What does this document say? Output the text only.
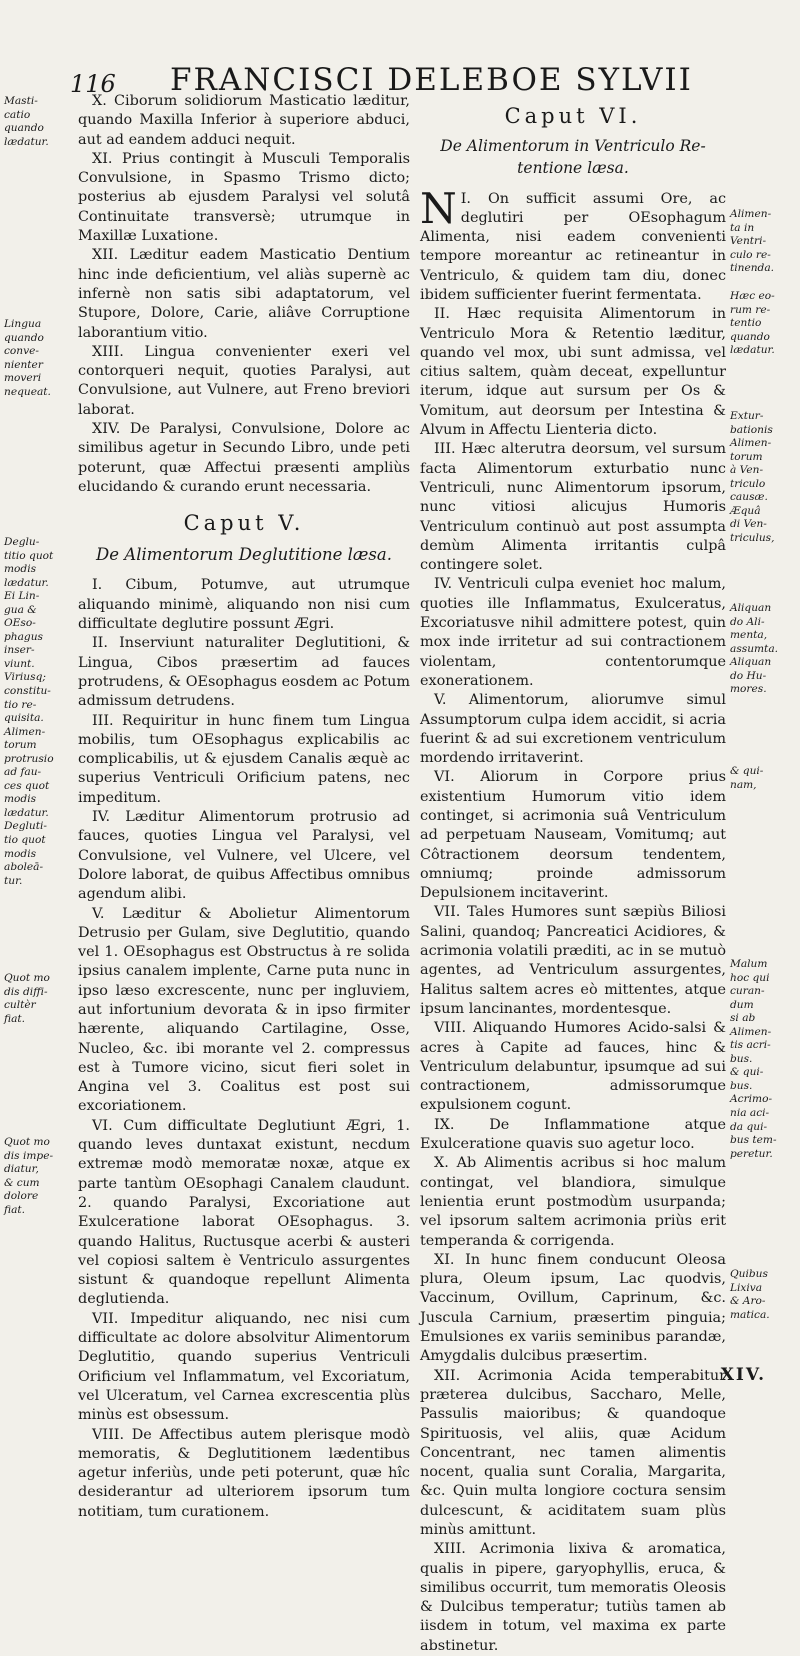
116 FRANCISCI DELEBOE SYLVII

X. Ciborum solidiorum Masticatio læditur, quando Maxilla Inferior à superiore abduci, aut ad eandem adduci nequit.

XI. Prius contingit à Musculi Temporalis Convulsione, in Spasmo Trismo dicto; posterius ab ejusdem Paralysi vel solutâ Continuitate transversè; utrumque in Maxillæ Luxatione.

XII. Læditur eadem Masticatio Dentium hinc inde deficientium, vel aliàs supernè ac infernè non satis sibi adaptatorum, vel Stupore, Dolore, Carie, aliâve Corruptione laborantium vitio.

XIII. Lingua convenienter exeri vel contorqueri nequit, quoties Paralysi, aut Convulsione, aut Vulnere, aut Freno breviori laborat.

XIV. De Paralysi, Convulsione, Dolore ac similibus agetur in Secundo Libro, unde peti poterunt, quæ Affectui præsenti ampliùs elucidando & curando erunt necessaria.

Caput V.
De Alimentorum Deglutitione læsa.

I. Cibum, Potumve, aut utrumque aliquando minimè, aliquando non nisi cum difficultate deglutire possunt Ægri.

II. Inserviunt naturaliter Deglutitioni, & Lingua, Cibos præsertim ad fauces protrudens, & OEsophagus eosdem ac Potum admissum detrudens.

III. Requiritur in hunc finem tum Lingua mobilis, tum OEsophagus explicabilis ac complicabilis, ut & ejusdem Canalis æquè ac superius Ventriculi Orificium patens, nec impeditum.

IV. Læditur Alimentorum protrusio ad fauces, quoties Lingua vel Paralysi, vel Convulsione, vel Vulnere, vel Ulcere, vel Dolore laborat, de quibus Affectibus omnibus agendum alibi.

V. Læditur & Abolietur Alimentorum Detrusio per Gulam, sive Deglutitio, quando vel 1. OEsophagus est Obstructus à re solida ipsius canalem implente, Carne puta nunc in ipso læso excrescente, nunc per ingluviem, aut infortunium devorata & in ipso firmiter hærente, aliquando Cartilagine, Osse, Nucleo, &c. ibi morante vel 2. compressus est à Tumore vicino, sicut fieri solet in Angina vel 3. Coalitus est post sui excoriationem.

VI. Cum difficultate Deglutiunt Ægri, 1. quando leves duntaxat existunt, necdum extremæ modò memoratæ noxæ, atque ex parte tantùm OEsophagi Canalem claudunt. 2. quando Paralysi, Excoriatione aut Exulceratione laborat OEsophagus. 3. quando Halitus, Ructusque acerbi & austeri vel copiosi saltem è Ventriculo assurgentes sistunt & quandoque repellunt Alimenta deglutienda.

VII. Impeditur aliquando, nec nisi cum difficultate ac dolore absolvitur Alimentorum Deglutitio, quando superius Ventriculi Orificium vel Inflammatum, vel Excoriatum, vel Ulceratum, vel Carnea excrescentia plùs minùs est obsessum.

VIII. De Affectibus autem plerisque modò memoratis, & Deglutitionem lædentibus agetur inferiùs, unde peti poterunt, quæ hîc desiderantur ad ulteriorem ipsorum tum notitiam, tum curationem.

Caput VI.
De Alimentorum in Ventriculo Re-
tentione læsa.

I.
N On sufficit assumi Ore, ac deglutiri per OEsophagum Alimenta, nisi eadem convenienti tempore moreantur ac retineantur in Ventriculo, & quidem tam diu, donec ibidem sufficienter fuerint fermentata.

II. Hæc requisita Alimentorum in Ventriculo Mora & Retentio læditur, quando vel mox, ubi sunt admissa, vel citius saltem, quàm deceat, expelluntur iterum, idque aut sursum per Os & Vomitum, aut deorsum per Intestina & Alvum in Affectu Lienteria dicto.

III. Hæc alterutra deorsum, vel sursum facta Alimentorum exturbatio nunc Ventriculi, nunc Alimentorum ipsorum, nunc vitiosi alicujus Humoris Ventriculum continuò aut post assumpta demùm Alimenta irritantis culpâ contingere solet.

IV. Ventriculi culpa eveniet hoc malum, quoties ille Inflammatus, Exulceratus, Excoriatusve nihil admittere potest, quin mox inde irritetur ad sui contractionem violentam, contentorumque exonerationem.

V. Alimentorum, aliorumve simul Assumptorum culpa idem accidit, si acria fuerint & ad sui excretionem ventriculum mordendo irritaverint.

VI. Aliorum in Corpore prius existentium Humorum vitio idem continget, si acrimonia suâ Ventriculum ad perpetuam Nauseam, Vomitumq; aut Côtractionem deorsum tendentem, omniumq; proinde admissorum Depulsionem incitaverint.

VII. Tales Humores sunt sæpiùs Biliosi Salini, quandoq; Pancreatici Acidiores, & acrimonia volatili præditi, ac in se mutuò agentes, ad Ventriculum assurgentes, Halitus saltem acres eò mittentes, atque ipsum lancinantes, mordentesque.

VIII. Aliquando Humores Acido-salsi & acres à Capite ad fauces, hinc & Ventriculum delabuntur, ipsumque ad sui contractionem, admissorumque expulsionem cogunt.

IX. De Inflammatione atque Exulceratione quavis suo agetur loco.

X. Ab Alimentis acribus si hoc malum contingat, vel blandiora, simulque lenientia erunt postmodùm usurpanda; vel ipsorum saltem acrimonia priùs erit temperanda & corrigenda.

XI. In hunc finem conducunt Oleosa plura, Oleum ipsum, Lac quodvis, Vaccinum, Ovillum, Caprinum, &c. Juscula Carnium, præsertim pinguia; Emulsiones ex variis seminibus parandæ, Amygdalis dulcibus præsertim.

XII. Acrimonia Acida temperabitur præterea dulcibus, Saccharo, Melle, Passulis maioribus; & quandoque Spirituosis, vel aliis, quæ Acidum Concentrant, nec tamen alimentis nocent, qualia sunt Coralia, Margarita, &c. Quin multa longiore coctura sensim dulcescunt, & aciditatem suam plùs minùs amittunt.

XIII. Acrimonia lixiva & aromatica, qualis in pipere, garyophyllis, eruca, & similibus occurrit, tum memoratis Oleosis & Dulcibus temperatur; tutiùs tamen ab iisdem in totum, vel maxima ex parte abstinetur.

Masti-
catio
quando
lædatur.
Lingua
quando
conve-
nienter
moveri
nequeat.
Deglu-
titio quot
modis
lædatur.
Ei Lin-
gua &
OEso-
phagus
inser-
viunt.
Viriusq;
constitu-
tio re-
quisita.
Alimen-
torum
protrusio
ad fau-
ces quot
modis
lædatur.
Degluti-
tio quot
modis
aboleā-
tur.
Quot mo
dis diffi-
cultèr
fiat.
Quot mo
dis impe-
diatur,
& cum
dolore
fiat.
Alimen-
ta in
Ventri-
culo re-
tinenda.
Hæc eo-
rum re-
tentio
quando
lædatur.
Extur-
bationis
Alimen-
torum
à Ven-
triculo
causæ.
Æquâ
di Ven-
triculus,
Aliquan
do Ali-
menta,
assumta.
Aliquan
do Hu-
mores.
& qui-
nam,
Malum
hoc qui
curan-
dum
si ab
Alimen-
tis acri-
bus.
& qui-
bus.
Acrimo-
nia aci-
da qui-
bus tem-
peretur.
Quibus
Lixiva
& Aro-
matica.
XIV.
